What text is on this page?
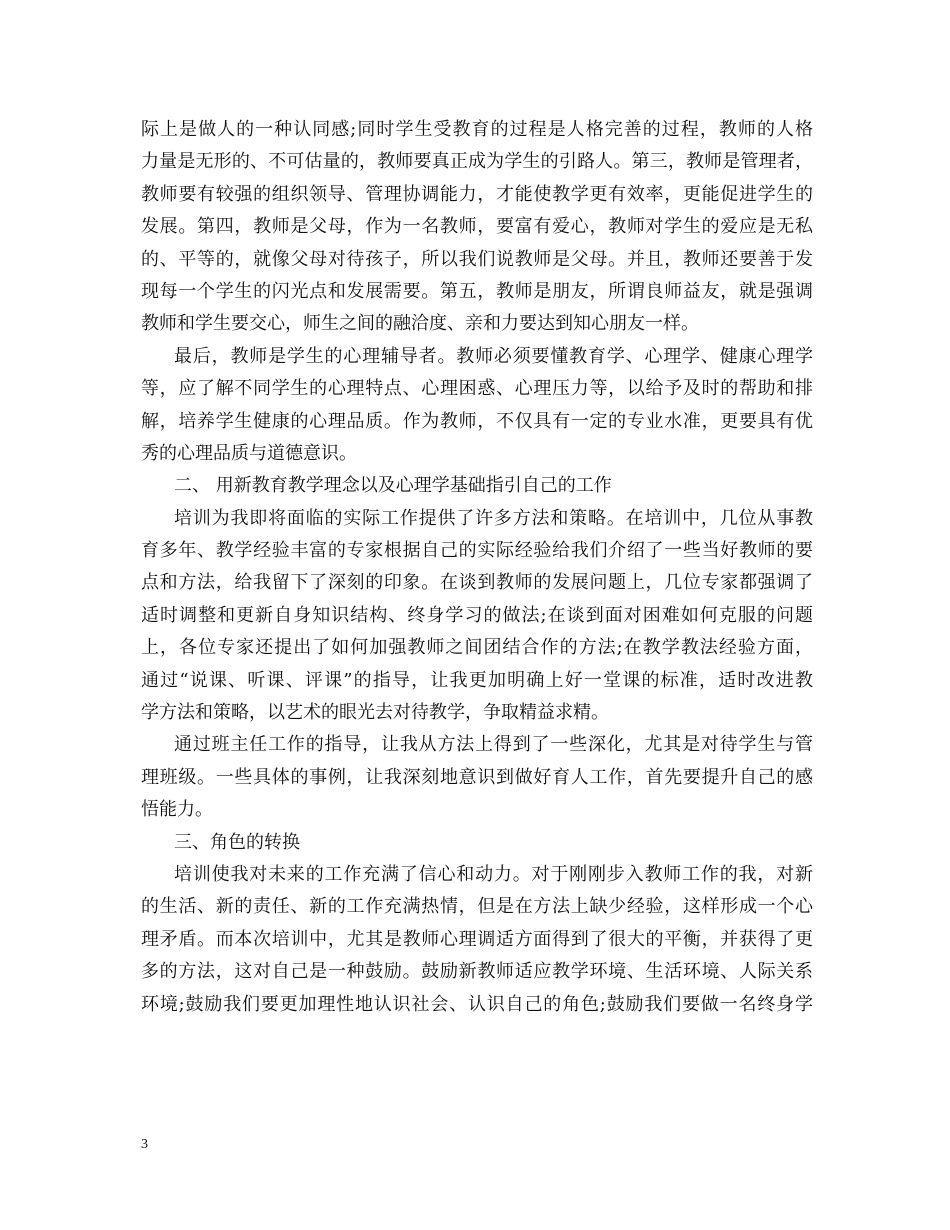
际上是做人的一种认同感;同时学生受教育的过程是人格完善的过程，教师的人格
力量是无形的、不可估量的，教师要真正成为学生的引路人。第三，教师是管理者，
教师要有较强的组织领导、管理协调能力，才能使教学更有效率，更能促进学生的
发展。第四，教师是父母，作为一名教师，要富有爱心，教师对学生的爱应是无私
的、平等的，就像父母对待孩子，所以我们说教师是父母。并且，教师还要善于发
现每一个学生的闪光点和发展需要。第五，教师是朋友，所谓良师益友，就是强调
教师和学生要交心，师生之间的融洽度、亲和力要达到知心朋友一样。
最后，教师是学生的心理辅导者。教师必须要懂教育学、心理学、健康心理学
等，应了解不同学生的心理特点、心理困惑、心理压力等，以给予及时的帮助和排
解，培养学生健康的心理品质。作为教师，不仅具有一定的专业水准，更要具有优
秀的心理品质与道德意识。
二、 用新教育教学理念以及心理学基础指引自己的工作
培训为我即将面临的实际工作提供了许多方法和策略。在培训中，几位从事教
育多年、教学经验丰富的专家根据自己的实际经验给我们介绍了一些当好教师的要
点和方法，给我留下了深刻的印象。在谈到教师的发展问题上，几位专家都强调了
适时调整和更新自身知识结构、终身学习的做法;在谈到面对困难如何克服的问题
上，各位专家还提出了如何加强教师之间团结合作的方法;在教学教法经验方面，
通过“说课、听课、评课”的指导，让我更加明确上好一堂课的标准，适时改进教
学方法和策略，以艺术的眼光去对待教学，争取精益求精。
通过班主任工作的指导，让我从方法上得到了一些深化，尤其是对待学生与管
理班级。一些具体的事例，让我深刻地意识到做好育人工作，首先要提升自己的感
悟能力。
三、角色的转换
培训使我对未来的工作充满了信心和动力。对于刚刚步入教师工作的我，对新
的生活、新的责任、新的工作充满热情，但是在方法上缺少经验，这样形成一个心
理矛盾。而本次培训中，尤其是教师心理调适方面得到了很大的平衡，并获得了更
多的方法，这对自己是一种鼓励。鼓励新教师适应教学环境、生活环境、人际关系
环境;鼓励我们要更加理性地认识社会、认识自己的角色;鼓励我们要做一名终身学
3
